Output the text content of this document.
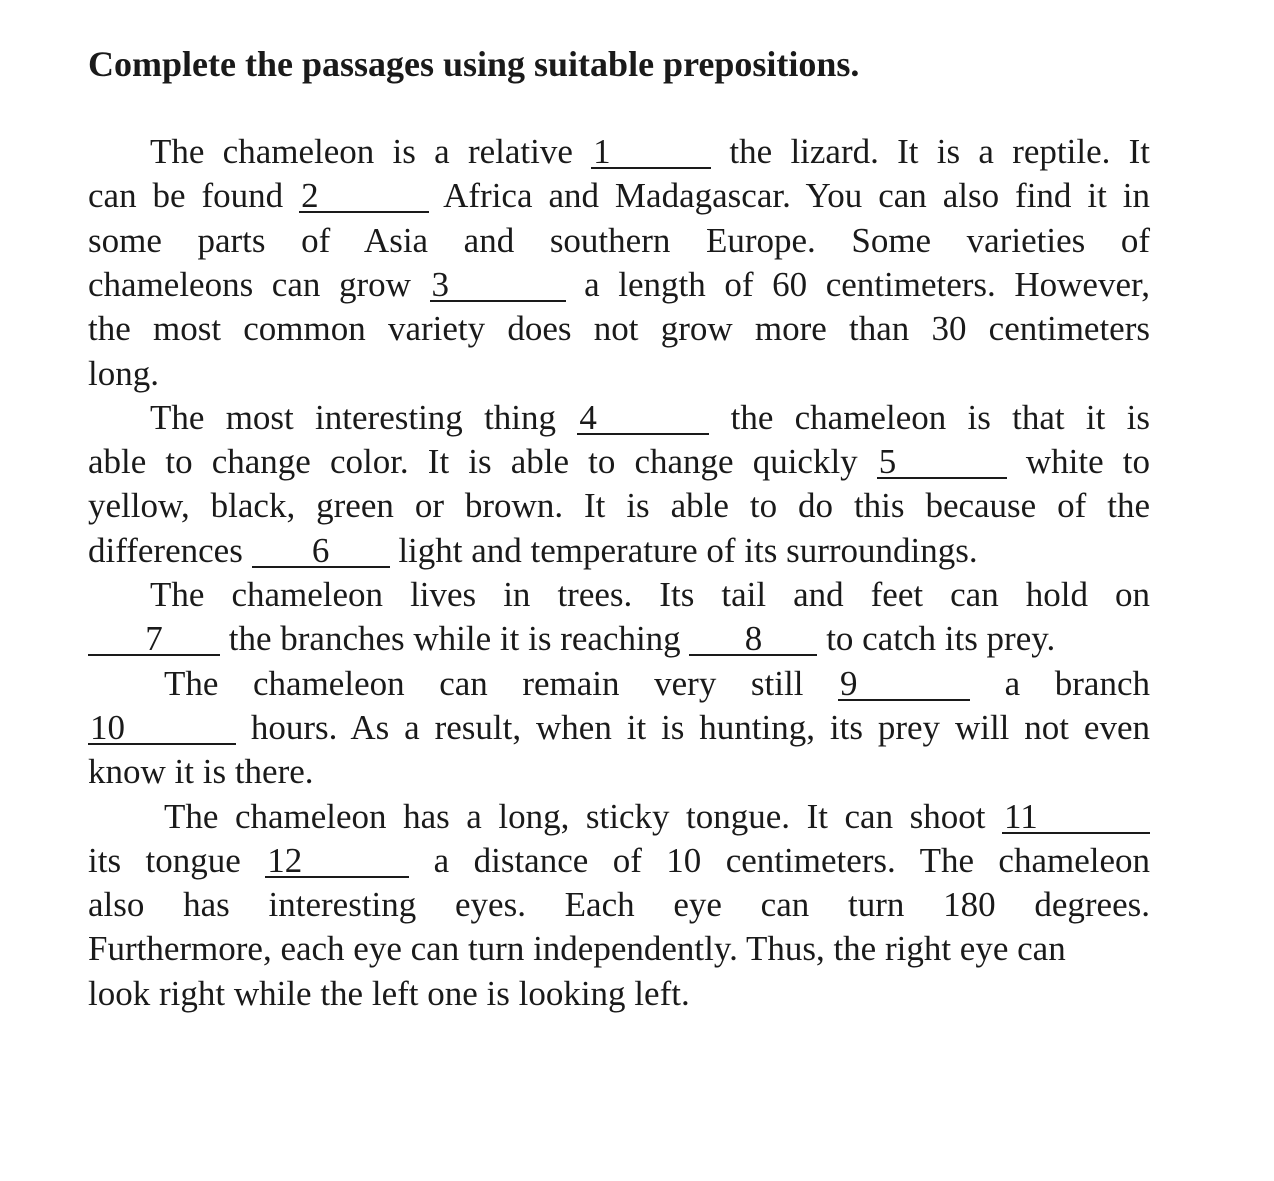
Complete the passages using suitable prepositions.
The chameleon is a relative 1	the lizard. It is a reptile. It
can be found 2	Africa and Madagascar. You can also find it in
some parts of Asia and southern Europe. Some varieties of
chameleons can grow 3	a length of 60 centimeters. However,
the most common variety does not grow more than 30 centimeters
long.
The most interesting thing 4	the chameleon is that it is
able to change color. It is able to change quickly 5	white to
yellow, black, green or brown. It is able to do this because of the
differences 6 light and temperature of its surroundings.
The chameleon lives in trees. Its tail and feet can hold on
7 the branches while it is reaching 8 to catch its prey.
The chameleon can remain very still 9	a branch
10	hours. As a result, when it is hunting, its prey will not even
know it is there.
The chameleon has a long, sticky tongue. It can shoot 11
its tongue 12	a distance of 10 centimeters. The chameleon
also has interesting eyes. Each eye can turn 180 degrees.
Furthermore, each eye can turn independently. Thus, the right eye can
look right while the left one is looking left.
